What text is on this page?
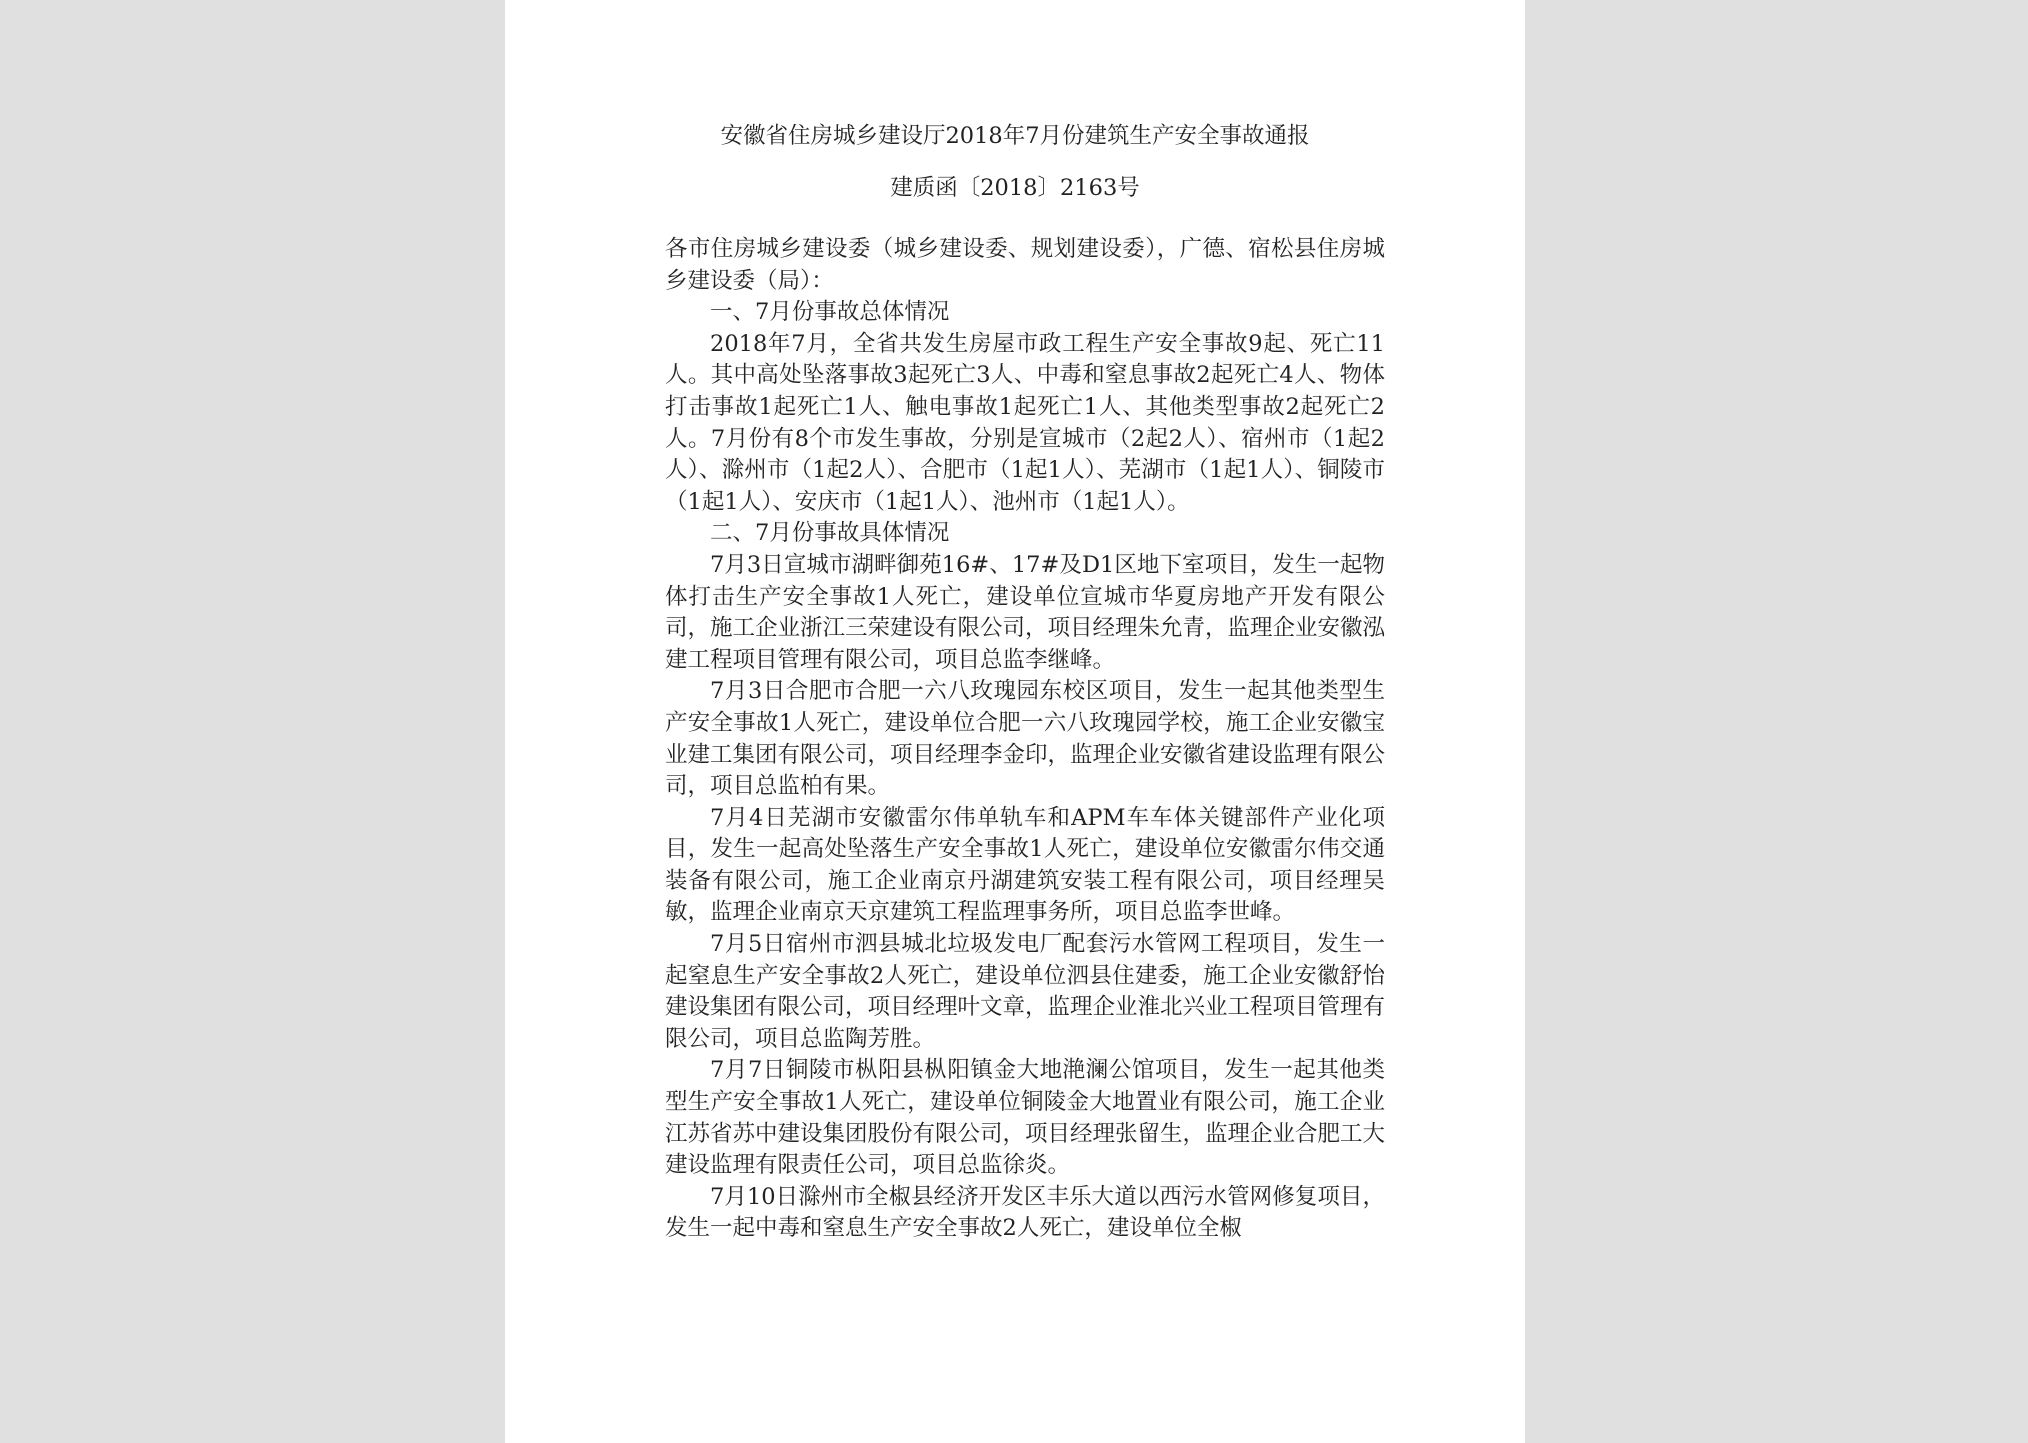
安徽省住房城乡建设厅2018年7月份建筑生产安全事故通报
建质函〔2018〕2163号

各市住房城乡建设委（城乡建设委、规划建设委），广德、宿松县住房城乡建设委（局）：

一、7月份事故总体情况

2018年7月，全省共发生房屋市政工程生产安全事故9起、死亡11人。其中高处坠落事故3起死亡3人、中毒和窒息事故2起死亡4人、物体打击事故1起死亡1人、触电事故1起死亡1人、其他类型事故2起死亡2人。7月份有8个市发生事故，分别是宣城市（2起2人）、宿州市（1起2人）、滁州市（1起2人）、合肥市（1起1人）、芜湖市（1起1人）、铜陵市（1起1人）、安庆市（1起1人）、池州市（1起1人）。

二、7月份事故具体情况

7月3日宣城市湖畔御苑16#、17#及D1区地下室项目，发生一起物体打击生产安全事故1人死亡，建设单位宣城市华夏房地产开发有限公司，施工企业浙江三荣建设有限公司，项目经理朱允青，监理企业安徽泓建工程项目管理有限公司，项目总监李继峰。

7月3日合肥市合肥一六八玫瑰园东校区项目，发生一起其他类型生产安全事故1人死亡，建设单位合肥一六八玫瑰园学校，施工企业安徽宝业建工集团有限公司，项目经理李金印，监理企业安徽省建设监理有限公司，项目总监柏有果。

7月4日芜湖市安徽雷尔伟单轨车和APM车车体关键部件产业化项目，发生一起高处坠落生产安全事故1人死亡，建设单位安徽雷尔伟交通装备有限公司，施工企业南京丹湖建筑安装工程有限公司，项目经理吴敏，监理企业南京天京建筑工程监理事务所，项目总监李世峰。

7月5日宿州市泗县城北垃圾发电厂配套污水管网工程项目，发生一起窒息生产安全事故2人死亡，建设单位泗县住建委，施工企业安徽舒怡建设集团有限公司，项目经理叶文章，监理企业淮北兴业工程项目管理有限公司，项目总监陶芳胜。

7月7日铜陵市枞阳县枞阳镇金大地滟澜公馆项目，发生一起其他类型生产安全事故1人死亡，建设单位铜陵金大地置业有限公司，施工企业江苏省苏中建设集团股份有限公司，项目经理张留生，监理企业合肥工大建设监理有限责任公司，项目总监徐炎。

7月10日滁州市全椒县经济开发区丰乐大道以西污水管网修复项目，发生一起中毒和窒息生产安全事故2人死亡，建设单位全椒
